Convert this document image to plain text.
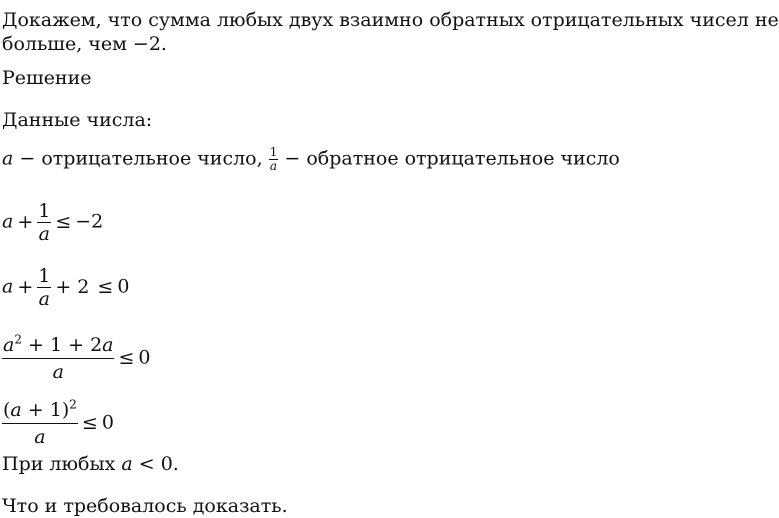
Докажем, что сумма любых двух взаимно обратных отрицательных чисел не
больше, чем −2.
Решение
Данные числа:
a − отрицательное число, $\frac{1}{a}$ − обратное отрицательное число
$a + \frac{1}{a} \le -2$
$a + \frac{1}{a} + 2 \le 0$
$\frac{a^2 + 1 + 2a}{a} \le 0$
$\frac{(a + 1)^2}{a} \le 0$
При любых a < 0.
Что и требовалось доказать.
